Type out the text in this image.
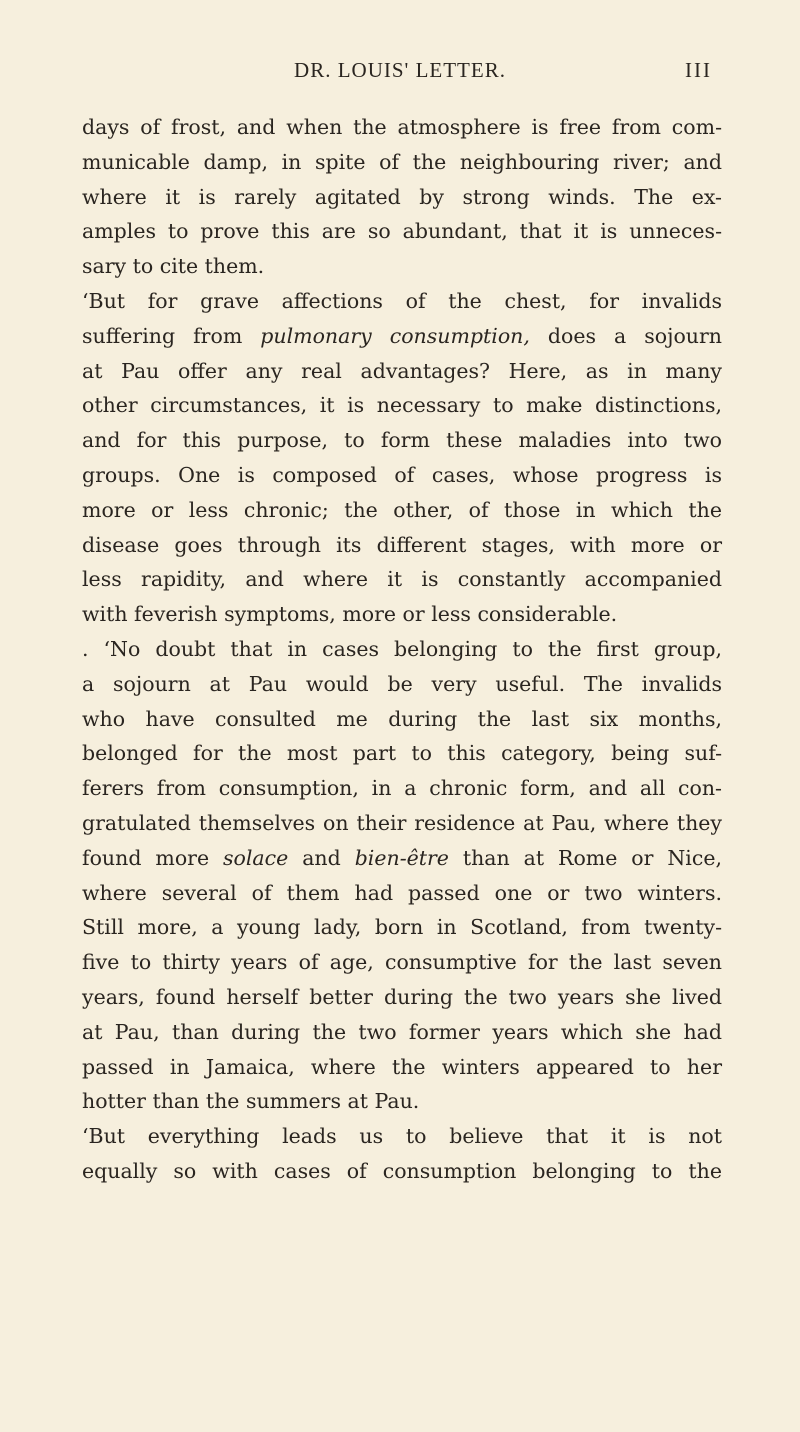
DR. LOUIS' LETTER.	III
days of frost, and when the atmosphere is free from com-
municable damp, in spite of the neighbouring river; and
where it is rarely agitated by strong winds. The ex-
amples to prove this are so abundant, that it is unneces-
sary to cite them.
‘But for grave affections of the chest, for invalids
suffering from pulmonary consumption, does a sojourn
at Pau offer any real advantages? Here, as in many
other circumstances, it is necessary to make distinctions,
and for this purpose, to form these maladies into two
groups. One is composed of cases, whose progress is
more or less chronic; the other, of those in which the
disease goes through its different stages, with more or
less rapidity, and where it is constantly accompanied
with feverish symptoms, more or less considerable.
. ‘No doubt that in cases belonging to the first group,
a sojourn at Pau would be very useful. The invalids
who have consulted me during the last six months,
belonged for the most part to this category, being suf-
ferers from consumption, in a chronic form, and all con-
gratulated themselves on their residence at Pau, where they
found more solace and bien-être than at Rome or Nice,
where several of them had passed one or two winters.
Still more, a young lady, born in Scotland, from twenty-
five to thirty years of age, consumptive for the last seven
years, found herself better during the two years she lived
at Pau, than during the two former years which she had
passed in Jamaica, where the winters appeared to her
hotter than the summers at Pau.
‘But everything leads us to believe that it is not
equally so with cases of consumption belonging to the
